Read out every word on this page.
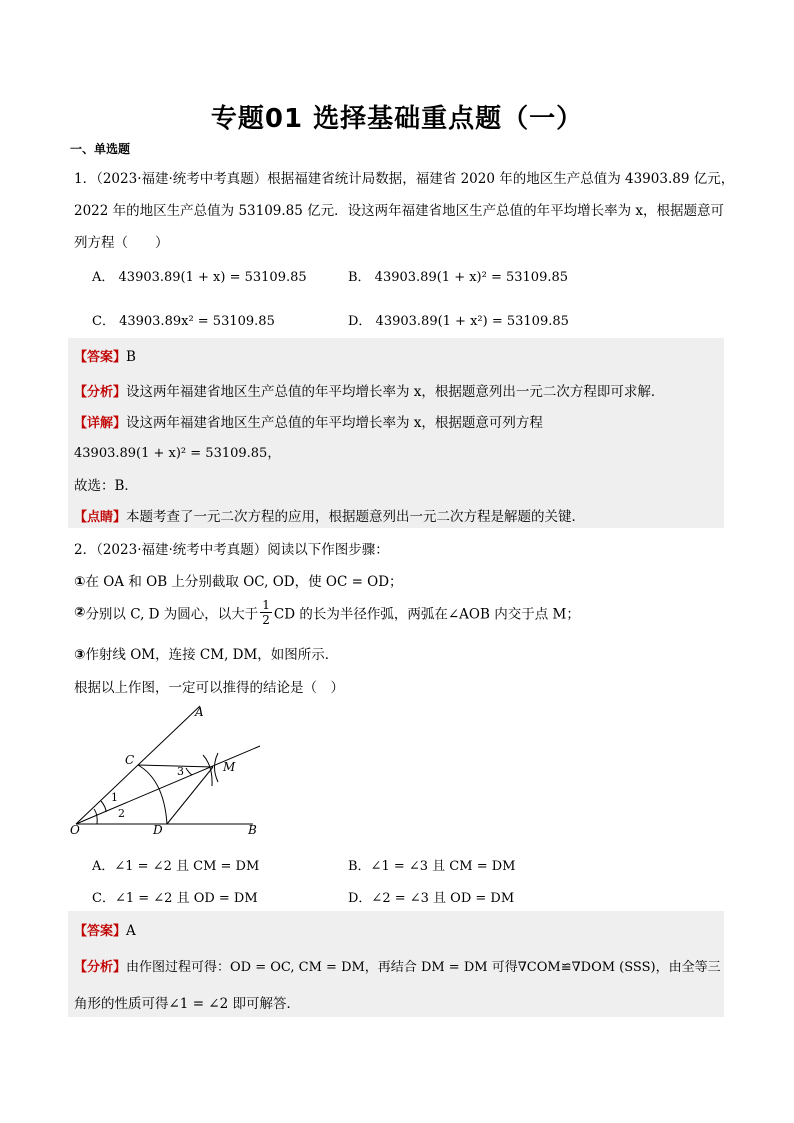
专题01 选择基础重点题（一）
一、单选题
1．（2023·福建·统考中考真题）根据福建省统计局数据，福建省 2020 年的地区生产总值为 43903.89 亿元，
2022 年的地区生产总值为 53109.85 亿元．设这两年福建省地区生产总值的年平均增长率为 x，根据题意可
列方程（　　）
A． 43903.89(1 + x) = 53109.85	B． 43903.89(1 + x)² = 53109.85
C． 43903.89x² = 53109.85	D． 43903.89(1 + x²) = 53109.85
【答案】B
【分析】设这两年福建省地区生产总值的年平均增长率为 x，根据题意列出一元二次方程即可求解．
【详解】设这两年福建省地区生产总值的年平均增长率为 x，根据题意可列方程
43903.89(1 + x)² = 53109.85，
故选：B．
【点睛】本题考查了一元二次方程的应用，根据题意列出一元二次方程是解题的关键．
2．（2023·福建·统考中考真题）阅读以下作图步骤：
①在 OA 和 OB 上分别截取 OC, OD，使 OC = OD；
②分别以 C, D 为圆心，以大于 $\frac{1}{2}$ CD 的长为半径作弧，两弧在∠AOB 内交于点 M；
③作射线 OM，连接 CM, DM，如图所示．
根据以上作图，一定可以推得的结论是（　）
A
B
C
D
O
M
1
2
3
A．∠1 = ∠2 且 CM = DM	B．∠1 = ∠3 且 CM = DM
C．∠1 = ∠2 且 OD = DM	D．∠2 = ∠3 且 OD = DM
【答案】A
【分析】由作图过程可得：OD = OC, CM = DM，再结合 DM = DM 可得∇COM≌∇DOM (SSS)，由全等三
角形的性质可得∠1 = ∠2 即可解答．
